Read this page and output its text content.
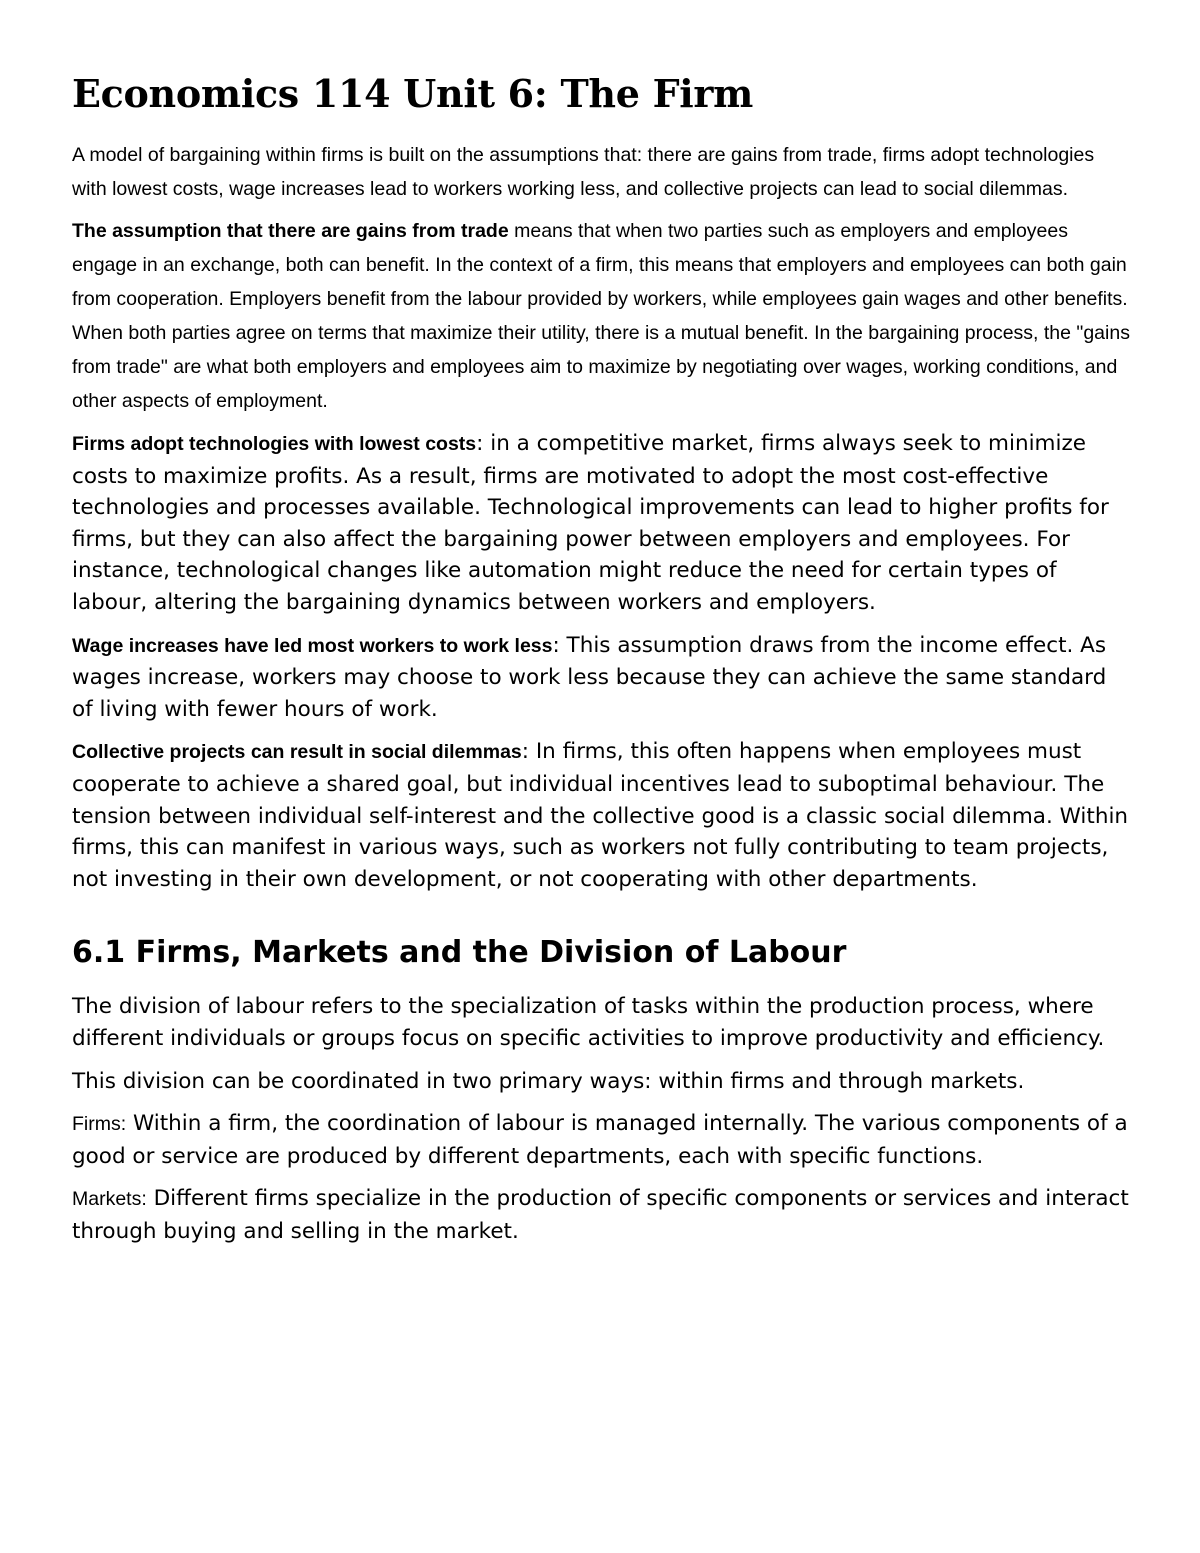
Economics 114 Unit 6: The Firm

A model of bargaining within firms is built on the assumptions that: there are gains from trade, firms adopt technologies with lowest costs, wage increases lead to workers working less, and collective projects can lead to social dilemmas.

The assumption that there are gains from trade means that when two parties such as employers and employees engage in an exchange, both can benefit. In the context of a firm, this means that employers and employees can both gain from cooperation. Employers benefit from the labour provided by workers, while employees gain wages and other benefits. When both parties agree on terms that maximize their utility, there is a mutual benefit. In the bargaining process, the "gains from trade" are what both employers and employees aim to maximize by negotiating over wages, working conditions, and other aspects of employment.

Firms adopt technologies with lowest costs: in a competitive market, firms always seek to minimize costs to maximize profits. As a result, firms are motivated to adopt the most cost-effective technologies and processes available. Technological improvements can lead to higher profits for firms, but they can also affect the bargaining power between employers and employees. For instance, technological changes like automation might reduce the need for certain types of labour, altering the bargaining dynamics between workers and employers.

Wage increases have led most workers to work less: This assumption draws from the income effect. As wages increase, workers may choose to work less because they can achieve the same standard of living with fewer hours of work.

Collective projects can result in social dilemmas: In firms, this often happens when employees must cooperate to achieve a shared goal, but individual incentives lead to suboptimal behaviour. The tension between individual self-interest and the collective good is a classic social dilemma. Within firms, this can manifest in various ways, such as workers not fully contributing to team projects, not investing in their own development, or not cooperating with other departments.

6.1 Firms, Markets and the Division of Labour

The division of labour refers to the specialization of tasks within the production process, where different individuals or groups focus on specific activities to improve productivity and efficiency.

This division can be coordinated in two primary ways: within firms and through markets.

Firms: Within a firm, the coordination of labour is managed internally. The various components of a good or service are produced by different departments, each with specific functions.

Markets: Different firms specialize in the production of specific components or services and interact through buying and selling in the market.
